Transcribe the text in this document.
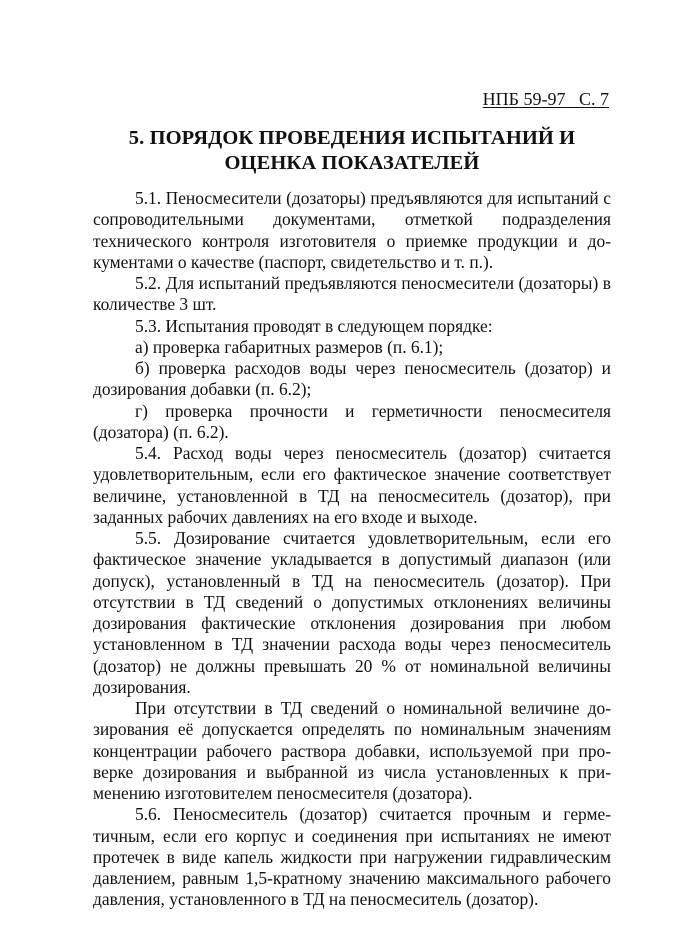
НПБ 59-97   С. 7
5. ПОРЯДОК ПРОВЕДЕНИЯ ИСПЫТАНИЙ И
ОЦЕНКА ПОКАЗАТЕЛЕЙ

5.1. Пеносмесители (дозаторы) предъявляются для испытаний с сопроводительными документами, отметкой подразделения технического контроля изготовителя о приемке продукции и документами о качестве (паспорт, свидетельство и т. п.).

5.2. Для испытаний предъявляются пеносмесители (дозаторы) в количестве 3 шт.

5.3. Испытания проводят в следующем порядке:

а) проверка габаритных размеров (п. 6.1);

б) проверка расходов воды через пеносмеситель (дозатор) и дозирования добавки (п. 6.2);

г) проверка прочности и герметичности пеносмесителя (дозатора) (п. 6.2).

5.4. Расход воды через пеносмеситель (дозатор) считается удовлетворительным, если его фактическое значение соответствует величине, установленной в ТД на пеносмеситель (дозатор), при заданных рабочих давлениях на его входе и выходе.

5.5. Дозирование считается удовлетворительным, если его фактическое значение укладывается в допустимый диапазон (или допуск), установленный в ТД на пеносмеситель (дозатор). При отсутствии в ТД сведений о допустимых отклонениях величины дозирования фактические отклонения дозирования при любом установленном в ТД значении расхода воды через пеносмеситель (дозатор) не должны превышать 20 % от номинальной величины дозирования.

При отсутствии в ТД сведений о номинальной величине дозирования её допускается определять по номинальным значениям концентрации рабочего раствора добавки, используемой при проверке дозирования и выбранной из числа установленных к применению изготовителем пеносмесителя (дозатора).

5.6. Пеносмеситель (дозатор) считается прочным и герметичным, если его корпус и соединения при испытаниях не имеют протечек в виде капель жидкости при нагружении гидравлическим давлением, равным 1,5-кратному значению максимального рабочего давления, установленного в ТД на пеносмеситель (дозатор).
